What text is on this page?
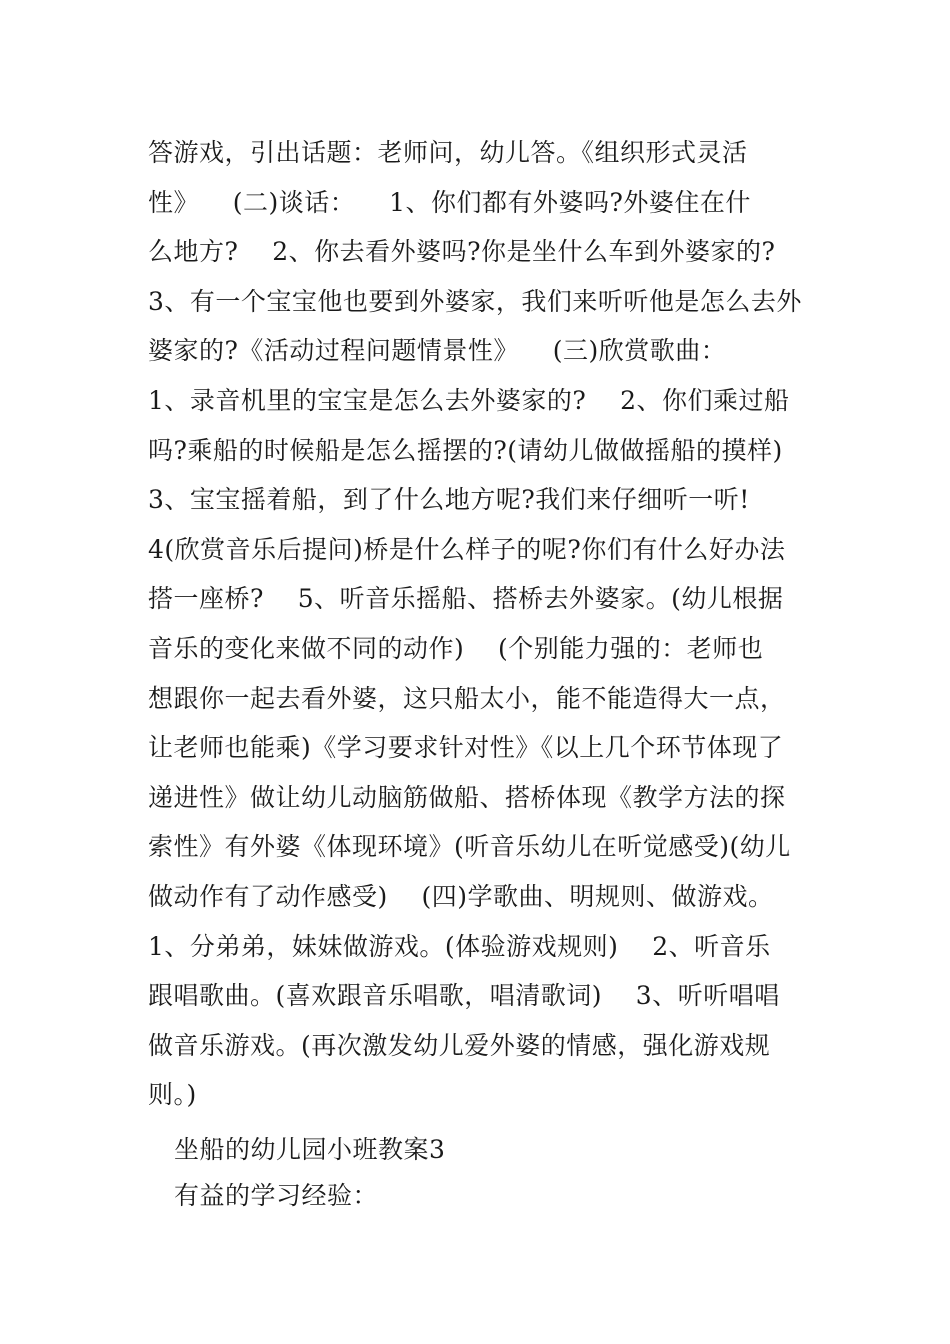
答游戏，引出话题：老师问，幼儿答。《组织形式灵活
性》    (二)谈话：    1、你们都有外婆吗?外婆住在什
么地方?    2、你去看外婆吗?你是坐什么车到外婆家的?
3、有一个宝宝他也要到外婆家，我们来听听他是怎么去外
婆家的?《活动过程问题情景性》    (三)欣赏歌曲：
1、录音机里的宝宝是怎么去外婆家的?    2、你们乘过船
吗?乘船的时候船是怎么摇摆的?(请幼儿做做摇船的摸样)
3、宝宝摇着船，到了什么地方呢?我们来仔细听一听!
4(欣赏音乐后提问)桥是什么样子的呢?你们有什么好办法
搭一座桥?    5、听音乐摇船、搭桥去外婆家。(幼儿根据
音乐的变化来做不同的动作)    (个别能力强的：老师也
想跟你一起去看外婆，这只船太小，能不能造得大一点，
让老师也能乘)《学习要求针对性》《以上几个环节体现了
递进性》做让幼儿动脑筋做船、搭桥体现《教学方法的探
索性》有外婆《体现环境》(听音乐幼儿在听觉感受)(幼儿
做动作有了动作感受)    (四)学歌曲、明规则、做游戏。
1、分弟弟，妹妹做游戏。(体验游戏规则)    2、听音乐
跟唱歌曲。(喜欢跟音乐唱歌，唱清歌词)    3、听听唱唱
做音乐游戏。(再次激发幼儿爱外婆的情感，强化游戏规
则。)
坐船的幼儿园小班教案3
有益的学习经验：
